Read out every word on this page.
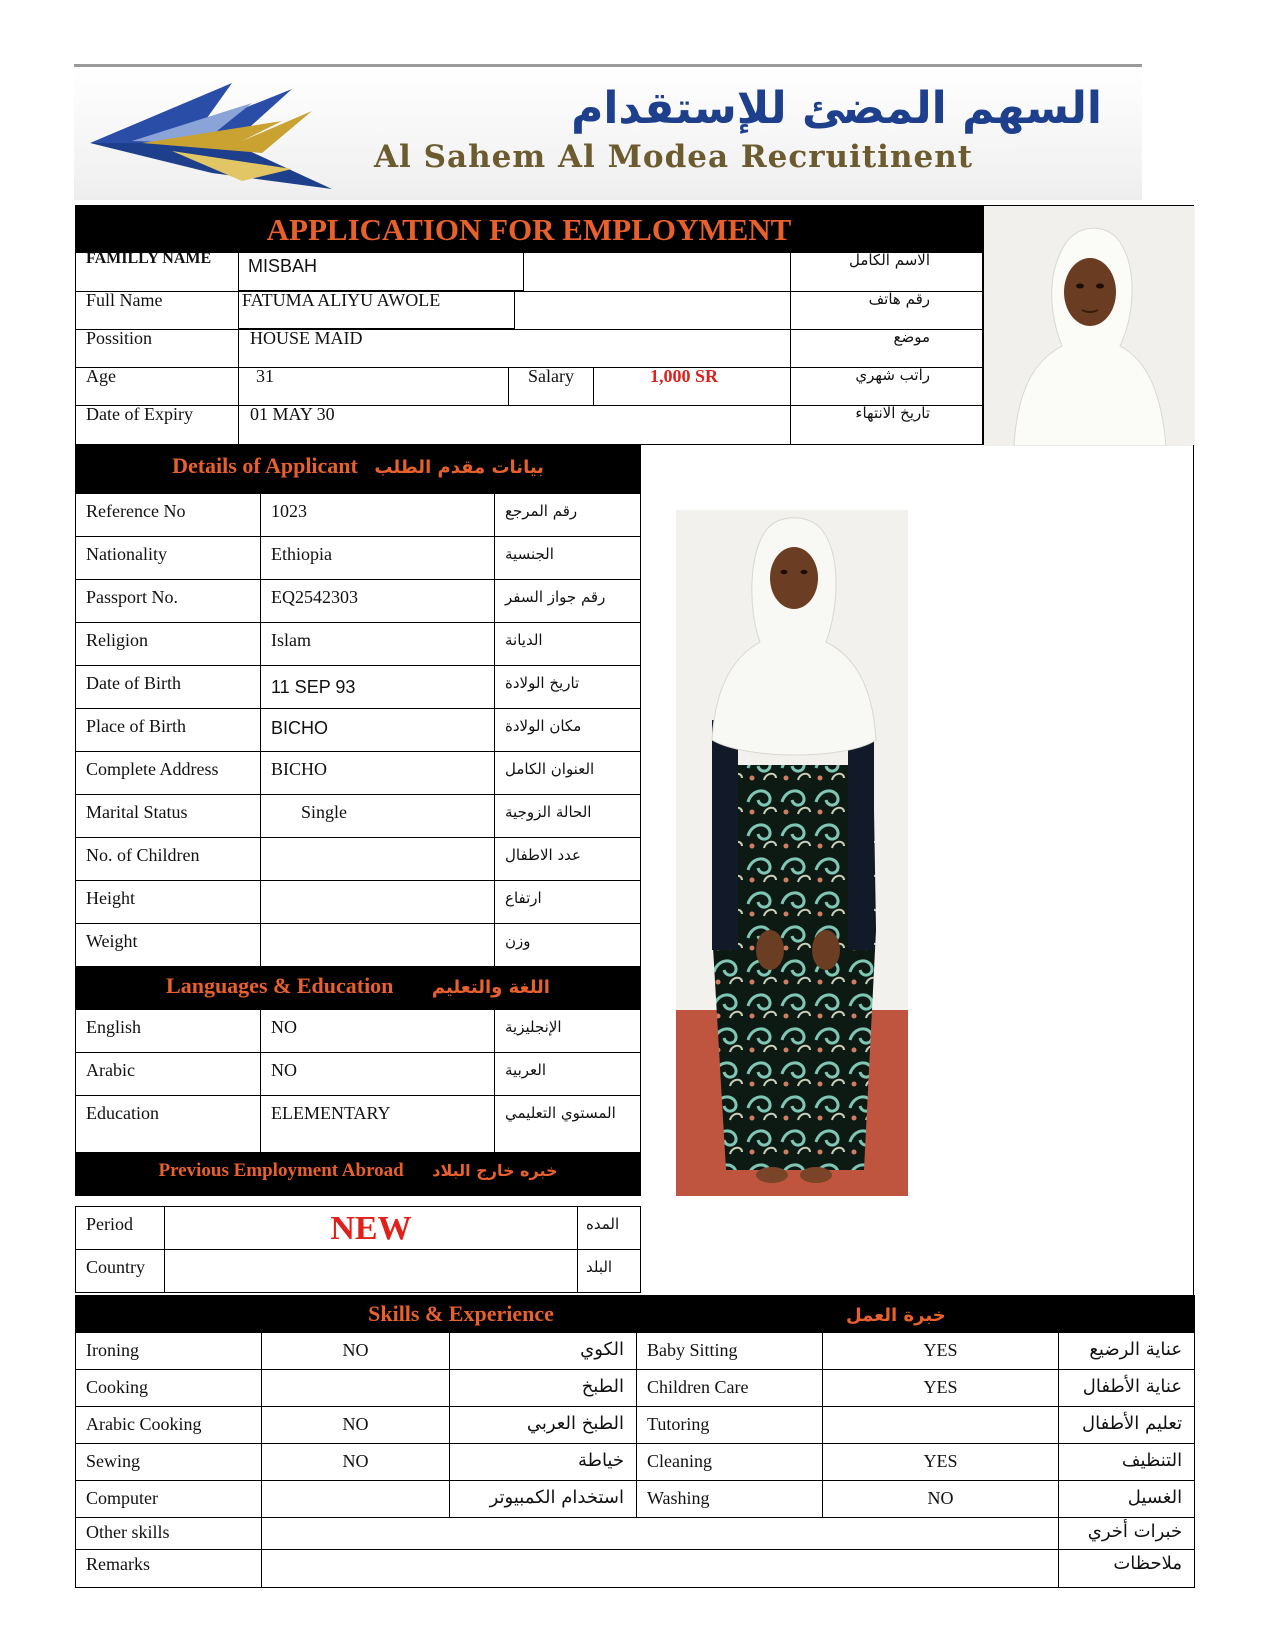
السهم المضئ للإستقدام
Al Sahem Al Modea Recruitinent
APPLICATION FOR EMPLOYMENT
FAMILLY NAME MISBAH	الاسم الكامل
Full Name	FATUMA ALIYU AWOLE	رقم هاتف
Possition	HOUSE MAID	موضع
Age	31	Salary	1,000 SR	راتب شهري
Date of Expiry	01 MAY 30	تاريخ الانتهاء
Details of Applicant بيانات مقدم الطلب		
Reference No	1023	رقم المرجع
Nationality	Ethiopia	الجنسية
Passport No.	EQ2542303	رقم جواز السفر
Religion	Islam	الديانة
Date of Birth	11 SEP 93	تاريخ الولادة
Place of Birth	BICHO	مكان الولادة
Complete Address	BICHO	العنوان الكامل
Marital Status	Single	الحالة الزوجية
No. of Children		عدد الاطفال
Height		ارتفاع
Weight		وزن
Languages & Education اللغة والتعليم		
English	NO	الإنجليزية
Arabic	NO	العربية
Education	ELEMENTARY	المستوي التعليمي
Previous Employment Abroad خبره خارج البلاد		
Period	NEW	المده
Country		البلد
Skills & Experience خبرة العمل					
Ironing	NO	الكوي	Baby Sitting	YES	عناية الرضيع
Cooking		الطبخ	Children Care	YES	عناية الأطفال
Arabic Cooking	NO	الطبخ العربي	Tutoring		تعليم الأطفال
Sewing	NO	خياطة	Cleaning	YES	التنظيف
Computer		استخدام الكمبيوتر	Washing	NO	الغسيل
Other skills					خبرات أخري
Remarks					ملاحظات
